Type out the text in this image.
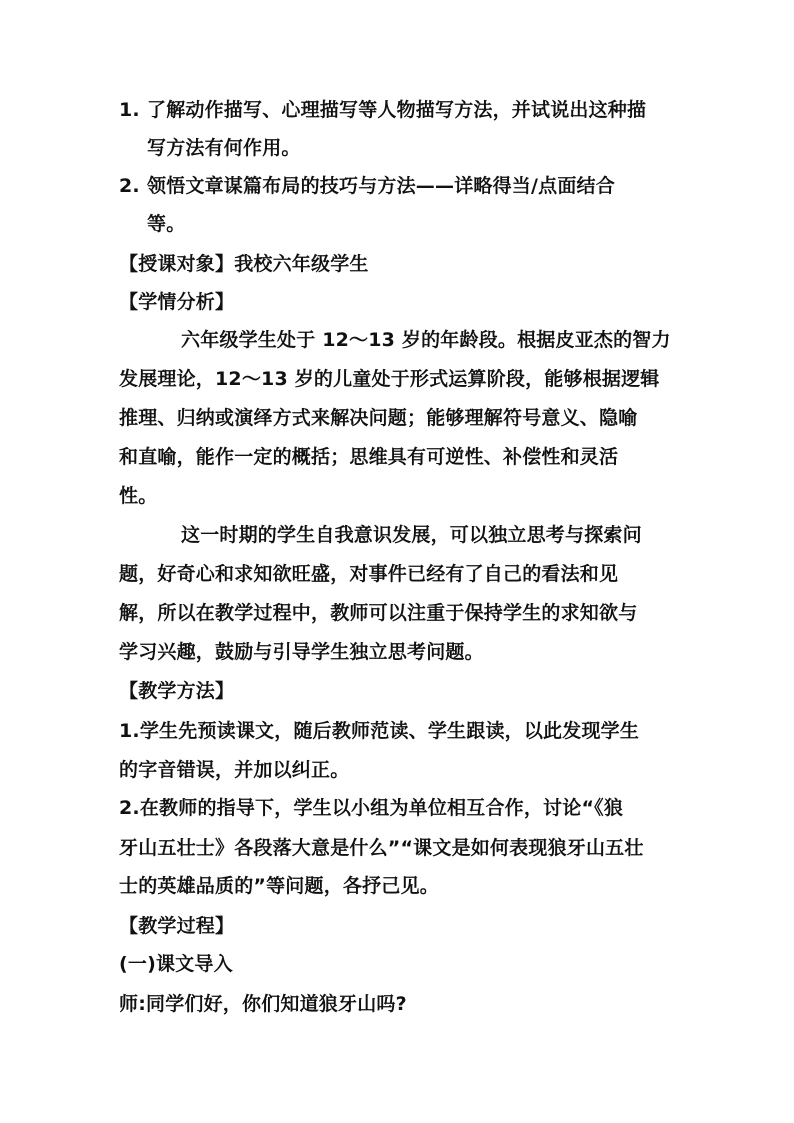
1. 了解动作描写、心理描写等人物描写方法，并试说出这种描
写方法有何作用。
2. 领悟文章谋篇布局的技巧与方法——详略得当/点面结合
等。
【授课对象】我校六年级学生
【学情分析】
六年级学生处于 12～13 岁的年龄段。根据皮亚杰的智力
发展理论，12～13 岁的儿童处于形式运算阶段，能够根据逻辑
推理、归纳或演绎方式来解决问题；能够理解符号意义、隐喻
和直喻，能作一定的概括；思维具有可逆性、补偿性和灵活
性。
这一时期的学生自我意识发展，可以独立思考与探索问
题，好奇心和求知欲旺盛，对事件已经有了自己的看法和见
解，所以在教学过程中，教师可以注重于保持学生的求知欲与
学习兴趣，鼓励与引导学生独立思考问题。
【教学方法】
1.学生先预读课文，随后教师范读、学生跟读，以此发现学生
的字音错误，并加以纠正。
2.在教师的指导下，学生以小组为单位相互合作，讨论“《狼
牙山五壮士》各段落大意是什么”“课文是如何表现狼牙山五壮
士的英雄品质的”等问题，各抒己见。
【教学过程】
(一)课文导入
师:同学们好，你们知道狼牙山吗?
